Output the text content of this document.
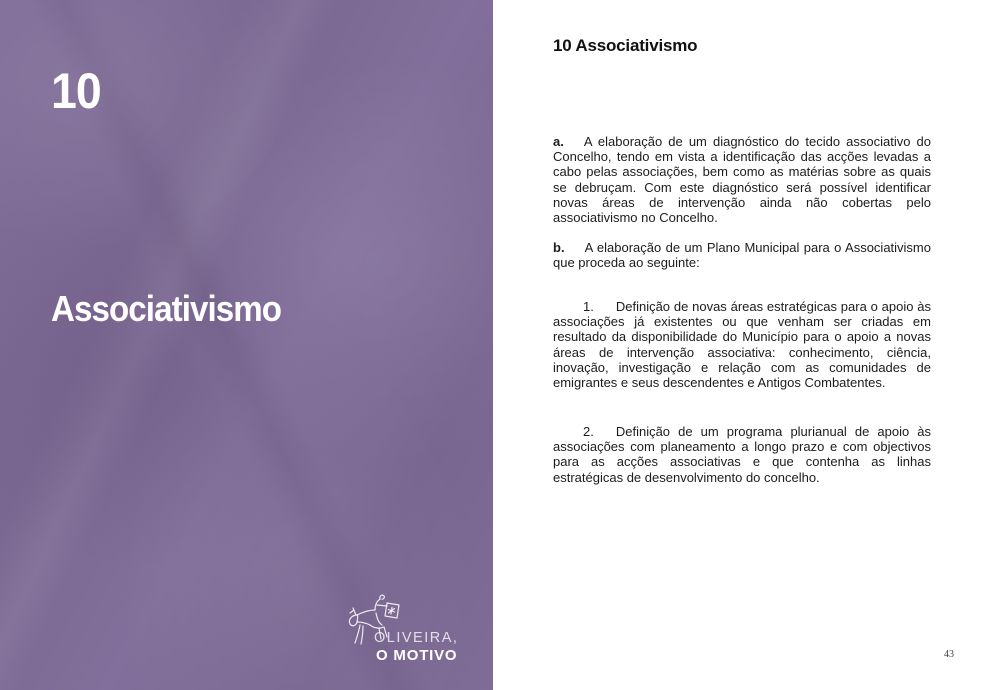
10
Associativismo
OLIVEIRA,
O MOTIVO
10 Associativismo

a. A elaboração de um diagnóstico do tecido associativo do Concelho, tendo em vista a identificação das acções levadas a cabo pelas associações, bem como as matérias sobre as quais se debruçam. Com este diagnóstico será possível identificar novas áreas de intervenção ainda não cobertas pelo associativismo no Concelho.

b. A elaboração de um Plano Municipal para o Associativismo que proceda ao seguinte:

1. Definição de novas áreas estratégicas para o apoio às associações já existentes ou que venham ser criadas em resultado da disponibilidade do Município para o apoio a novas áreas de intervenção associativa: conhecimento, ciência, inovação, investigação e relação com as comunidades de emigrantes e seus descendentes e Antigos Combatentes.

2. Definição de um programa plurianual de apoio às associações com planeamento a longo prazo e com objectivos para as acções associativas e que contenha as linhas estratégicas de desenvolvimento do concelho.

43
